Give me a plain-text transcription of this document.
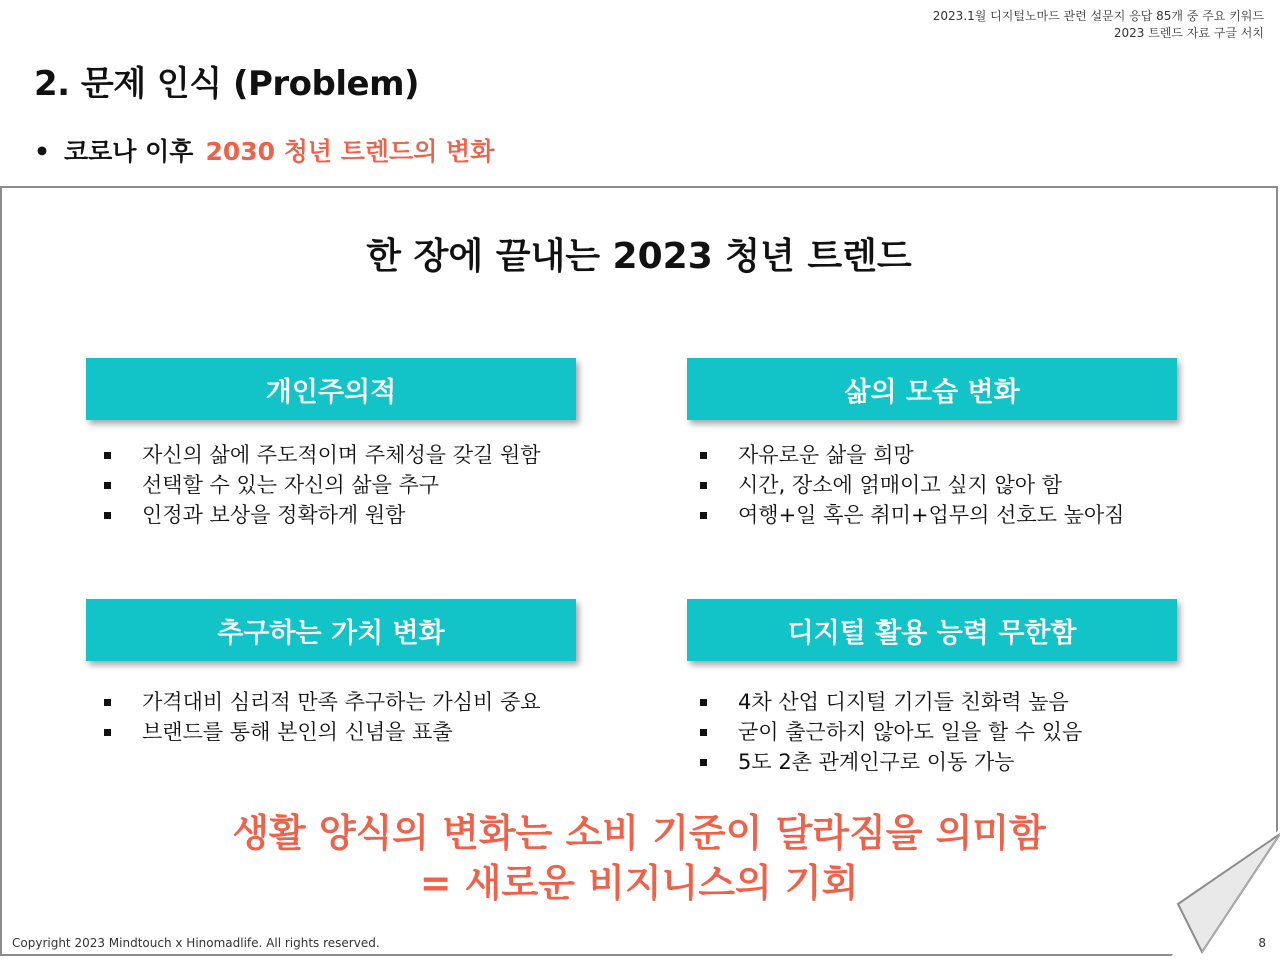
2023.1월 디지털노마드 관련 설문지 응답 85개 중 주요 키워드
2023 트렌드 자료 구글 서치
2. 문제 인식 (Problem)
• 코로나 이후 2030 청년 트렌드의 변화
한 장에 끝내는 2023 청년 트렌드
개인주의적
자신의 삶에 주도적이며 주체성을 갖길 원함
선택할 수 있는 자신의 삶을 추구
인정과 보상을 정확하게 원함
삶의 모습 변화
자유로운 삶을 희망
시간, 장소에 얽매이고 싶지 않아 함
여행+일 혹은 취미+업무의 선호도 높아짐
추구하는 가치 변화
가격대비 심리적 만족 추구하는 가심비 중요
브랜드를 통해 본인의 신념을 표출
디지털 활용 능력 무한함
4차 산업 디지털 기기들 친화력 높음
굳이 출근하지 않아도 일을 할 수 있음
5도 2촌 관계인구로 이동 가능
생활 양식의 변화는 소비 기준이 달라짐을 의미함
= 새로운 비지니스의 기회
Copyright 2023 Mindtouch x Hinomadlife. All rights reserved.	8
